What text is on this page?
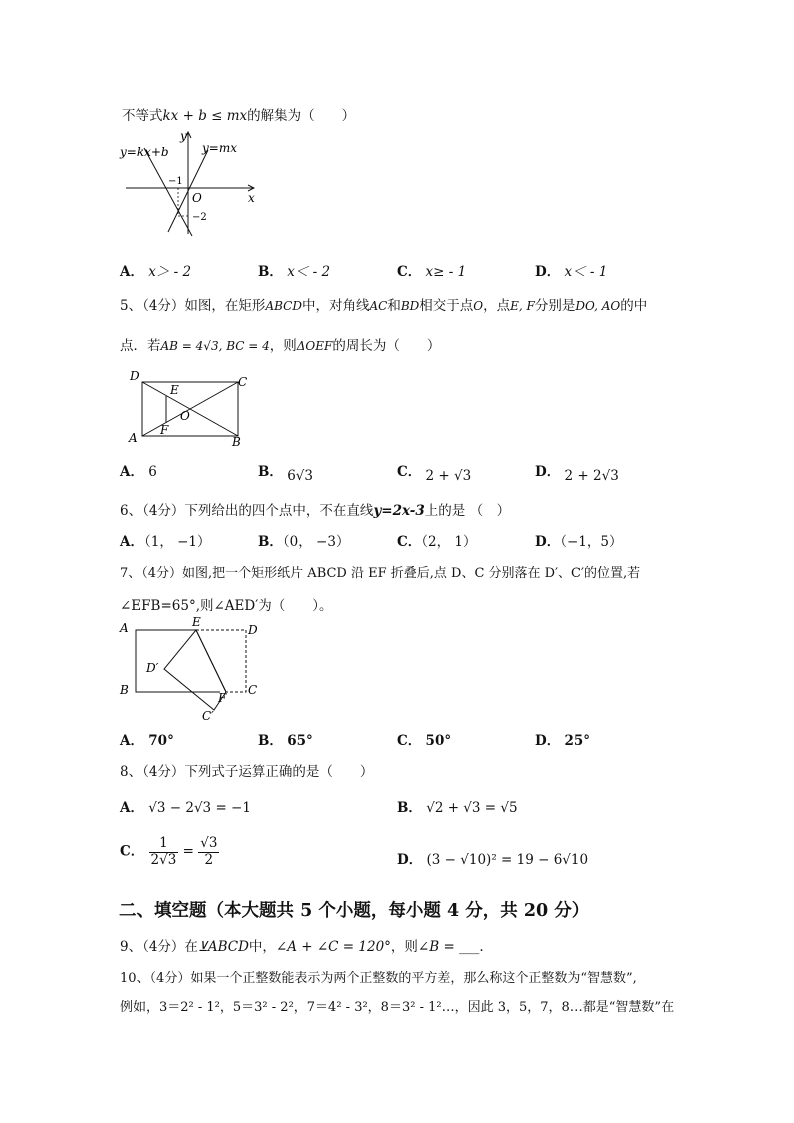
不等式kx + b ≤ mx的解集为（　　）
y=kx+b	y=mx
x
y
O
−1
−2
A． x＞ - 2	B． x＜ - 2	C． x≥ - 1	D． x＜ - 1
5、（4分）如图，在矩形ABCD中，对角线AC和BD相交于点O，点E, F分别是DO, AO的中
点．若AB = 4√3, BC = 4，则ΔOEF的周长为（　　）
D	C
A	B
E
F
O
A． 6	B． 6√3	C． 2 + √3	D． 2 + 2√3
6、（4分）下列给出的四个点中，不在直线y=2x-3上的是 （　）
A．（1， −1）	B．（0， −3）	C．（2， 1）	D．（−1，5）
7、（4分）如图,把一个矩形纸片 ABCD 沿 EF 折叠后,点 D、C 分别落在 D′、C′的位置,若
∠EFB=65°,则∠AED′为（　　）。
A	E
D
D′
B
F
C
C′
A． 70°	B． 65°	C． 50°	D． 25°
8、（4分）下列式子运算正确的是（　　）
A． √3 − 2√3 = −1	B． √2 + √3 = √5
C． $\frac{1}{2√3} = \frac{√3}{2}$	D． (3 − √10)² = 19 − 6√10
二、填空题（本大题共 5 个小题，每小题 4 分，共 20 分）
9、（4分）在⊻ABCD中，∠A + ∠C = 120°，则∠B = ___.
10、（4分）如果一个正整数能表示为两个正整数的平方差，那么称这个正整数为“智慧数”,
例如，3＝2² - 1²，5＝3² - 2²，7＝4² - 3²，8＝3² - 1²…，因此 3，5，7，8…都是“智慧数”在
